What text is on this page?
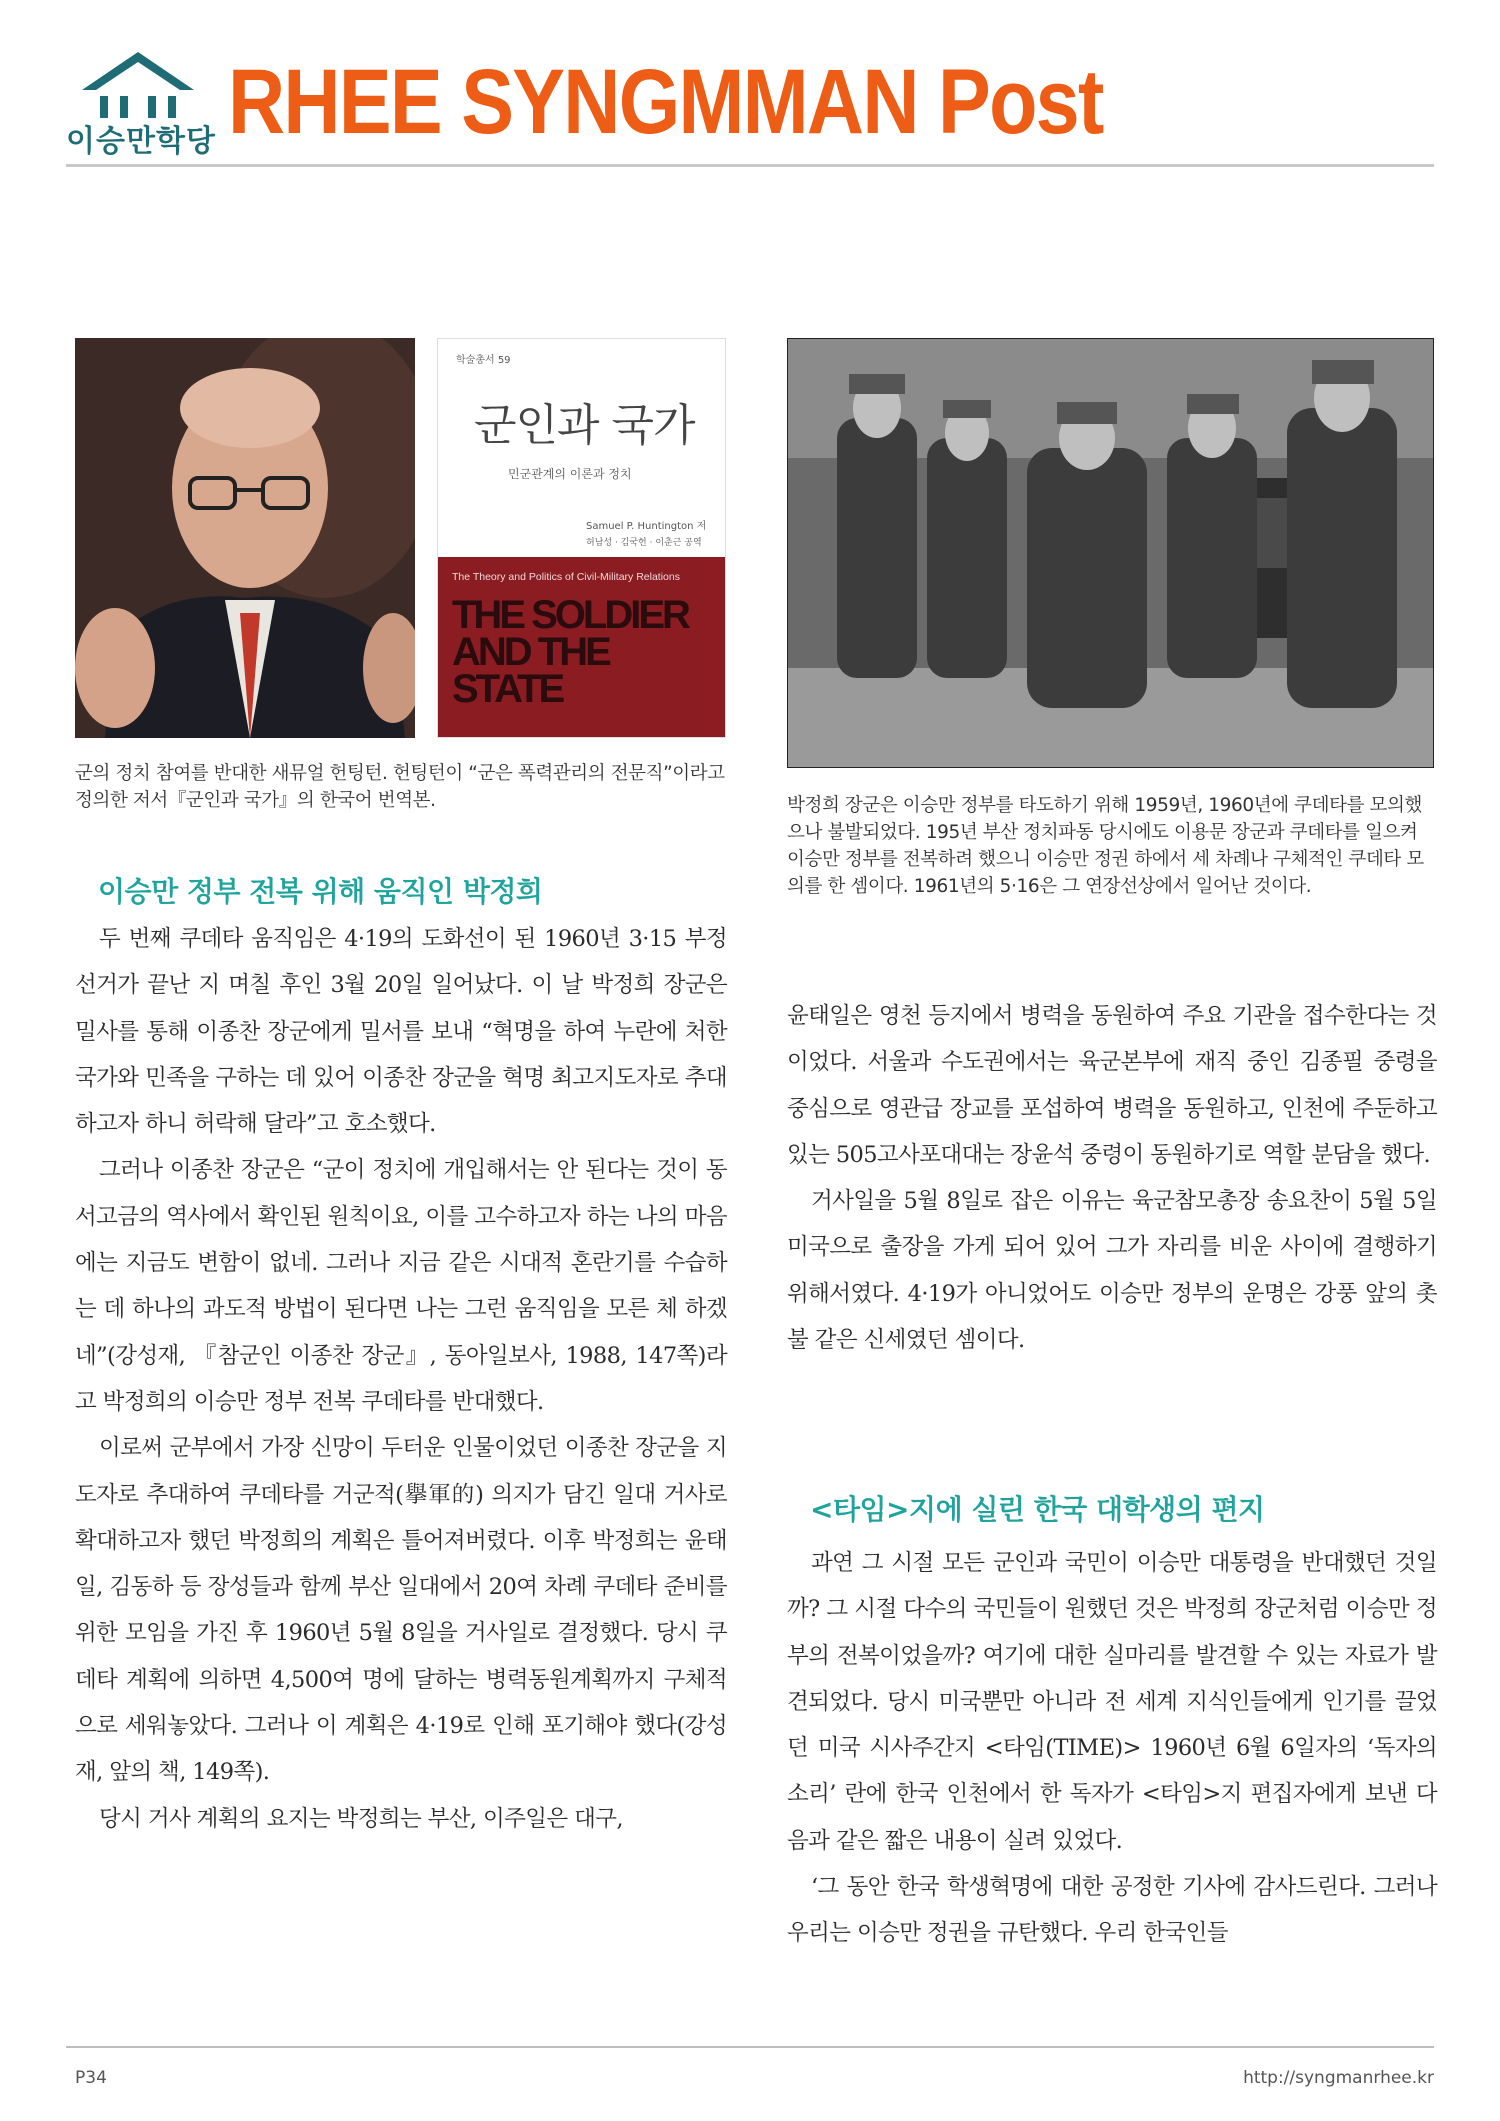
이승만학당 RHEE SYNGMMAN Post
학술총서 59
군인과 국가
민군관계의 이론과 정치
Samuel P. Huntington 저
허남성 · 김국헌 · 이춘근 공역
The Theory and Politics of Civil-Military Relations
THE SOLDIER
AND THE
STATE
군의 정치 참여를 반대한 새뮤얼 헌팅턴. 헌팅턴이 “군은 폭력관리의 전문직”이라고 정의한 저서『군인과 국가』의 한국어 번역본.	박정희 장군은 이승만 정부를 타도하기 위해 1959년, 1960년에 쿠데타를 모의했으나 불발되었다. 195년 부산 정치파동 당시에도 이용문 장군과 쿠데타를 일으켜 이승만 정부를 전복하려 했으니 이승만 정권 하에서 세 차례나 구체적인 쿠데타 모의를 한 셈이다. 1961년의 5·16은 그 연장선상에서 일어난 것이다.
이승만 정부 전복 위해 움직인 박정희

두 번째 쿠데타 움직임은 4·19의 도화선이 된 1960년 3·15 부정선거가 끝난 지 며칠 후인 3월 20일 일어났다. 이 날 박정희 장군은 밀사를 통해 이종찬 장군에게 밀서를 보내 “혁명을 하여 누란에 처한 국가와 민족을 구하는 데 있어 이종찬 장군을 혁명 최고지도자로 추대하고자 하니 허락해 달라”고 호소했다.

그러나 이종찬 장군은 “군이 정치에 개입해서는 안 된다는 것이 동서고금의 역사에서 확인된 원칙이요, 이를 고수하고자 하는 나의 마음에는 지금도 변함이 없네. 그러나 지금 같은 시대적 혼란기를 수습하는 데 하나의 과도적 방법이 된다면 나는 그런 움직임을 모른 체 하겠네”(강성재, 『참군인 이종찬 장군』, 동아일보사, 1988, 147쪽)라고 박정희의 이승만 정부 전복 쿠데타를 반대했다.

이로써 군부에서 가장 신망이 두터운 인물이었던 이종찬 장군을 지도자로 추대하여 쿠데타를 거군적(擧軍的) 의지가 담긴 일대 거사로 확대하고자 했던 박정희의 계획은 틀어져버렸다. 이후 박정희는 윤태일, 김동하 등 장성들과 함께 부산 일대에서 20여 차례 쿠데타 준비를 위한 모임을 가진 후 1960년 5월 8일을 거사일로 결정했다. 당시 쿠데타 계획에 의하면 4,500여 명에 달하는 병력동원계획까지 구체적으로 세워놓았다. 그러나 이 계획은 4·19로 인해 포기해야 했다(강성재, 앞의 책, 149쪽).

당시 거사 계획의 요지는 박정희는 부산, 이주일은 대구,

윤태일은 영천 등지에서 병력을 동원하여 주요 기관을 접수한다는 것이었다. 서울과 수도권에서는 육군본부에 재직 중인 김종필 중령을 중심으로 영관급 장교를 포섭하여 병력을 동원하고, 인천에 주둔하고 있는 505고사포대대는 장윤석 중령이 동원하기로 역할 분담을 했다.

거사일을 5월 8일로 잡은 이유는 육군참모총장 송요찬이 5월 5일 미국으로 출장을 가게 되어 있어 그가 자리를 비운 사이에 결행하기 위해서였다. 4·19가 아니었어도 이승만 정부의 운명은 강풍 앞의 촛불 같은 신세였던 셈이다.

<타임>지에 실린 한국 대학생의 편지

과연 그 시절 모든 군인과 국민이 이승만 대통령을 반대했던 것일까? 그 시절 다수의 국민들이 원했던 것은 박정희 장군처럼 이승만 정부의 전복이었을까? 여기에 대한 실마리를 발견할 수 있는 자료가 발견되었다. 당시 미국뿐만 아니라 전 세계 지식인들에게 인기를 끌었던 미국 시사주간지 <타임(TIME)> 1960년 6월 6일자의 ‘독자의 소리’ 란에 한국 인천에서 한 독자가 <타임>지 편집자에게 보낸 다음과 같은 짧은 내용이 실려 있었다.

‘그 동안 한국 학생혁명에 대한 공정한 기사에 감사드린다. 그러나 우리는 이승만 정권을 규탄했다. 우리 한국인들

P34	http://syngmanrhee.kr
